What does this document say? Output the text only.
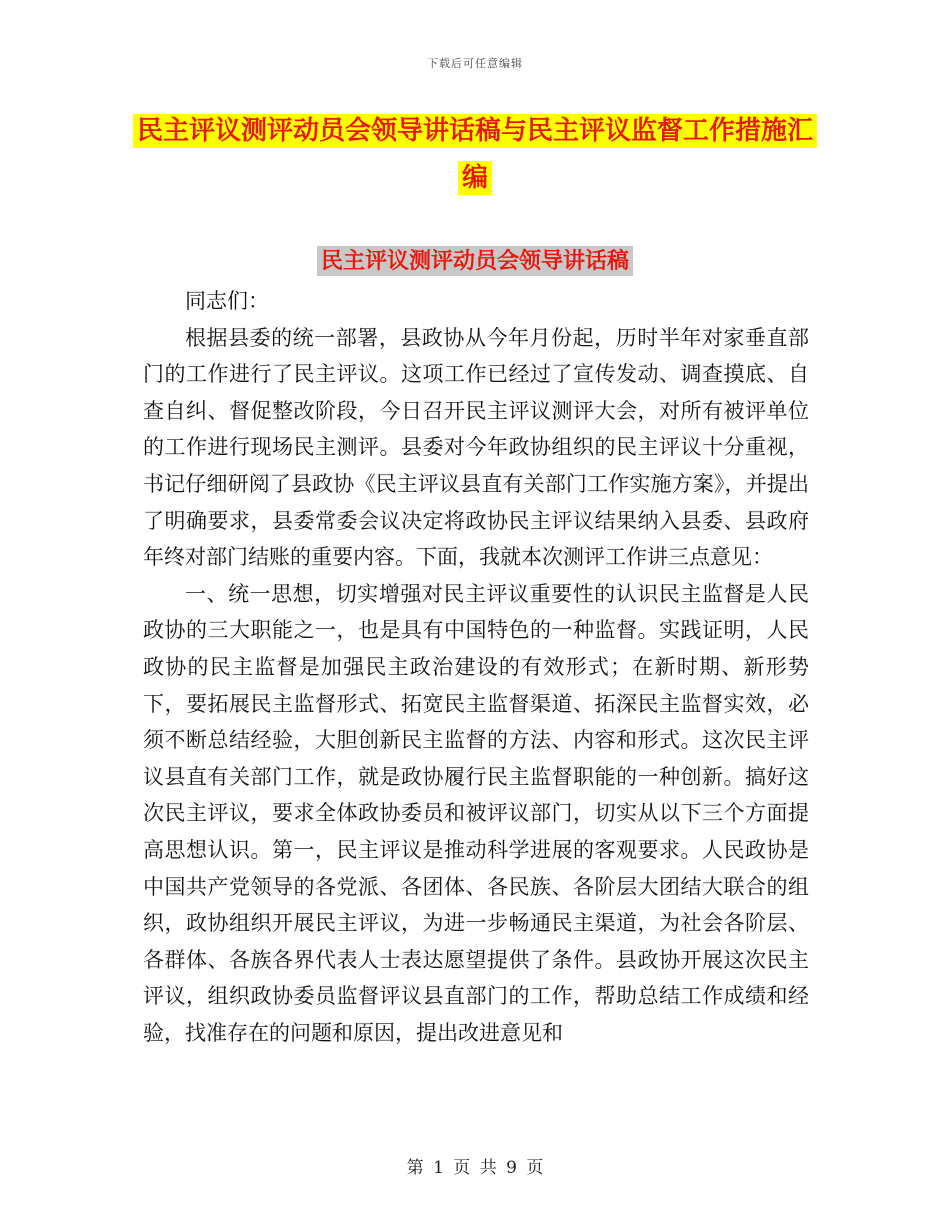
下载后可任意编辑
民主评议测评动员会领导讲话稿与民主评议监督工作措施汇编
民主评议测评动员会领导讲话稿

同志们：

根据县委的统一部署，县政协从今年月份起，历时半年对家垂直部门的工作进行了民主评议。这项工作已经过了宣传发动、调查摸底、自查自纠、督促整改阶段，今日召开民主评议测评大会，对所有被评单位的工作进行现场民主测评。县委对今年政协组织的民主评议十分重视，书记仔细研阅了县政协《民主评议县直有关部门工作实施方案》，并提出了明确要求，县委常委会议决定将政协民主评议结果纳入县委、县政府年终对部门结账的重要内容。下面，我就本次测评工作讲三点意见：

一、统一思想，切实增强对民主评议重要性的认识民主监督是人民政协的三大职能之一，也是具有中国特色的一种监督。实践证明，人民政协的民主监督是加强民主政治建设的有效形式；在新时期、新形势下，要拓展民主监督形式、拓宽民主监督渠道、拓深民主监督实效，必须不断总结经验，大胆创新民主监督的方法、内容和形式。这次民主评议县直有关部门工作，就是政协履行民主监督职能的一种创新。搞好这次民主评议，要求全体政协委员和被评议部门，切实从以下三个方面提高思想认识。第一，民主评议是推动科学进展的客观要求。人民政协是中国共产党领导的各党派、各团体、各民族、各阶层大团结大联合的组织，政协组织开展民主评议，为进一步畅通民主渠道，为社会各阶层、各群体、各族各界代表人士表达愿望提供了条件。县政协开展这次民主评议，组织政协委员监督评议县直部门的工作，帮助总结工作成绩和经验，找准存在的问题和原因，提出改进意见和

第 1 页 共 9 页
